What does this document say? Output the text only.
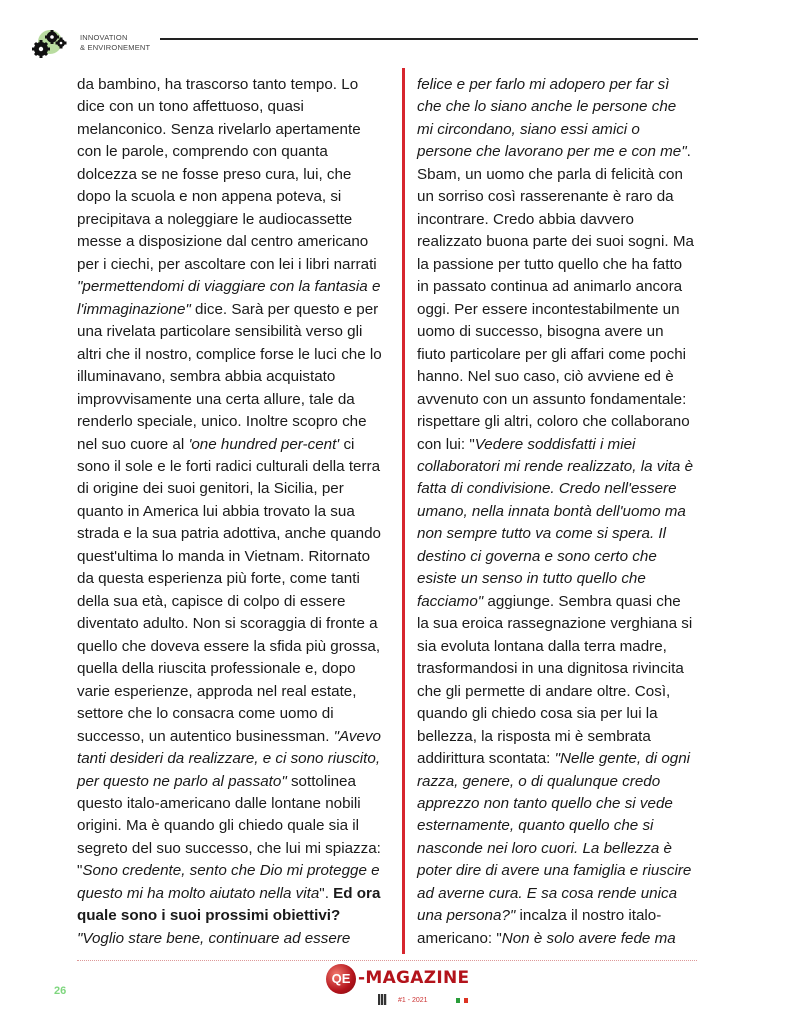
INNOVATION
& ENVIRONEMENT
da bambino, ha trascorso tanto tempo. Lo
dice con un tono affettuoso, quasi
melanconico. Senza rivelarlo apertamente
con le parole, comprendo con quanta
dolcezza se ne fosse preso cura, lui, che
dopo la scuola e non appena poteva, si
precipitava a noleggiare le audiocassette
messe a disposizione dal centro americano
per i ciechi, per ascoltare con lei i libri narrati
"permettendomi di viaggiare con la fantasia e
l'immaginazione" dice. Sarà per questo e per
una rivelata particolare sensibilità verso gli
altri che il nostro, complice forse le luci che lo
illuminavano, sembra abbia acquistato
improvvisamente una certa allure, tale da
renderlo speciale, unico. Inoltre scopro che
nel suo cuore al 'one hundred per-cent' ci
sono il sole e le forti radici culturali della terra
di origine dei suoi genitori, la Sicilia, per
quanto in America lui abbia trovato la sua
strada e la sua patria adottiva, anche quando
quest'ultima lo manda in Vietnam. Ritornato
da questa esperienza più forte, come tanti
della sua età, capisce di colpo di essere
diventato adulto. Non si scoraggia di fronte a
quello che doveva essere la sfida più grossa,
quella della riuscita professionale e, dopo
varie esperienze, approda nel real estate,
settore che lo consacra come uomo di
successo, un autentico businessman. "Avevo
tanti desideri da realizzare, e ci sono riuscito,
per questo ne parlo al passato" sottolinea
questo italo-americano dalle lontane nobili
origini. Ma è quando gli chiedo quale sia il
segreto del suo successo, che lui mi spiazza:
"Sono credente, sento che Dio mi protegge e
questo mi ha molto aiutato nella vita". Ed ora
quale sono i suoi prossimi obiettivi?
"Voglio stare bene, continuare ad essere
felice e per farlo mi adopero per far sì
che che lo siano anche le persone che
mi circondano, siano essi amici o
persone che lavorano per me e con me".
Sbam, un uomo che parla di felicità con
un sorriso così rasserenante è raro da
incontrare. Credo abbia davvero
realizzato buona parte dei suoi sogni. Ma
la passione per tutto quello che ha fatto
in passato continua ad animarlo ancora
oggi. Per essere incontestabilmente un
uomo di successo, bisogna avere un
fiuto particolare per gli affari come pochi
hanno. Nel suo caso, ciò avviene ed è
avvenuto con un assunto fondamentale:
rispettare gli altri, coloro che collaborano
con lui: "Vedere soddisfatti i miei
collaboratori mi rende realizzato, la vita è
fatta di condivisione. Credo nell'essere
umano, nella innata bontà dell'uomo ma
non sempre tutto va come si spera. Il
destino ci governa e sono certo che
esiste un senso in tutto quello che
facciamo" aggiunge. Sembra quasi che
la sua eroica rassegnazione verghiana si
sia evoluta lontana dalla terra madre,
trasformandosi in una dignitosa rivincita
che gli permette di andare oltre. Così,
quando gli chiedo cosa sia per lui la
bellezza, la risposta mi è sembrata
addirittura scontata: "Nelle gente, di ogni
razza, genere, o di qualunque credo
apprezzo non tanto quello che si vede
esternamente, quanto quello che si
nasconde nei loro cuori. La bellezza è
poter dire di avere una famiglia e riuscire
ad averne cura. E sa cosa rende unica
una persona?" incalza il nostro italo-
americano: "Non è solo avere fede ma
26
QE -MAGAZINE
#1 - 2021
